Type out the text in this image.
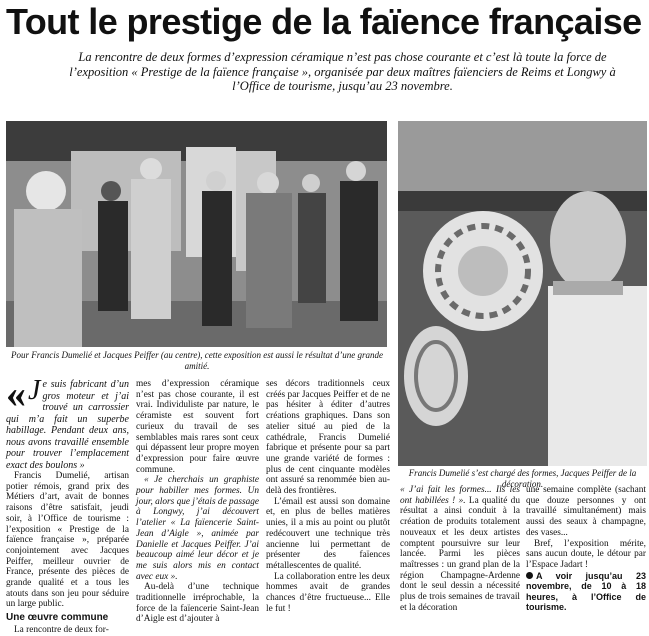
Tout le prestige de la faïence française
La rencontre de deux formes d’expression céramique n’est pas chose courante et c’est là toute la force de l’exposition « Prestige de la faïence française », organisée par deux maîtres faïenciers de Reims et Longwy à l’Office de tourisme, jusqu’au 23 novembre.
Pour Francis Dumelié et Jacques Peiffer (au centre), cette exposition est aussi le résultat d’une grande amitié.
Francis Dumelié s’est chargé des formes, Jacques Peiffer de la décoration.
« J e suis fabricant d’un gros moteur et j’ai trouvé un carrossier qui m’a fait un superbe habillage. Pendant deux ans, nous avons travaillé ensemble pour trouver l’emplacement exact des boulons »

Francis Dumelié, artisan potier rémois, grand prix des Métiers d’art, avait de bonnes raisons d’être satisfait, jeudi soir, à l’Office de tourisme : l’exposition « Prestige de la faïence française », préparée conjointement avec Jacques Peiffer, meilleur ouvrier de France, présente des pièces de grande qualité et a tous les atouts dans son jeu pour séduire un large public.

Une œuvre commune

La rencontre de deux for-

mes d’expression céramique n’est pas chose courante, il est vrai. Individuliste par nature, le céramiste est souvent fort curieux du travail de ses semblables mais rares sont ceux qui dépassent leur propre moyen d’expression pour faire œuvre commune.

« Je cherchais un graphiste pour habiller mes formes. Un jour, alors que j’étais de passage à Longwy, j’ai découvert l’atelier « La faïencerie Saint-Jean d’Aigle », animée par Danielle et Jacques Peiffer. J’ai beaucoup aimé leur décor et je me suis alors mis en contact avec eux ».

Au-delà d’une technique traditionnelle irréprochable, la force de la faïencerie Saint-Jean d’Aigle est d’ajouter à

ses décors traditionnels ceux créés par Jacques Peiffer et de ne pas hésiter à éditer d’autres créations graphiques. Dans son atelier situé au pied de la cathédrale, Francis Dumelié fabrique et présente pour sa part une grande variété de formes : plus de cent cinquante modèles ont assuré sa renommée bien au-delà des frontières.

L’émail est aussi son domaine et, en plus de belles matières unies, il a mis au point ou plutôt redécouvert une technique très ancienne lui permettant de présenter des faïences métallescentes de qualité.

La collaboration entre les deux hommes avait de grandes chances d’être fructueuse... Elle le fut !

« J’ai fait les formes... Ils les ont habillées ! ». La qualité du résultat a ainsi conduit à la création de produits totalement nouveaux et les deux artistes comptent poursuivre sur leur lancée. Parmi les pièces maîtresses : un grand plan de la région Champagne-Ardenne dont le seul dessin a nécessité plus de trois semaines de travail et la décoration

une semaine complète (sachant que douze personnes y ont travaillé simultanément) mais aussi des seaux à champagne, des vases...

Bref, l’exposition mérite, sans aucun doute, le détour par l’Espace Jadart !

A voir jusqu’au 23 novembre, de 10 à 18 heures, à l’Office de tourisme.
